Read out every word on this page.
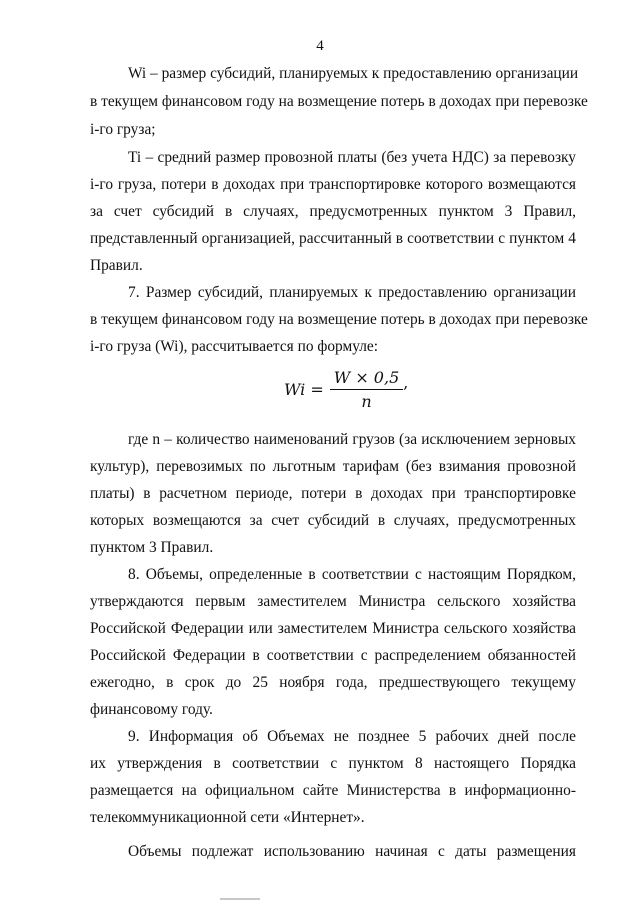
4
Wi – размер субсидий, планируемых к предоставлению организации
в текущем финансовом году на возмещение потерь в доходах при перевозке
i-го груза;
Ti – средний размер провозной платы (без учета НДС) за перевозку
i-го груза, потери в доходах при транспортировке которого возмещаются
за счет субсидий в случаях, предусмотренных пунктом 3 Правил,
представленный организацией, рассчитанный в соответствии с пунктом 4
Правил.
7. Размер субсидий, планируемых к предоставлению организации
в текущем финансовом году на возмещение потерь в доходах при перевозке
i-го груза (Wi), рассчитывается по формуле:
$Wi = \frac{W \times 0,5}{n}$ ,
где n – количество наименований грузов (за исключением зерновых
культур), перевозимых по льготным тарифам (без взимания провозной
платы) в расчетном периоде, потери в доходах при транспортировке
которых возмещаются за счет субсидий в случаях, предусмотренных
пунктом 3 Правил.
8. Объемы, определенные в соответствии с настоящим Порядком,
утверждаются первым заместителем Министра сельского хозяйства
Российской Федерации или заместителем Министра сельского хозяйства
Российской Федерации в соответствии с распределением обязанностей
ежегодно, в срок до 25 ноября года, предшествующего текущему
финансовому году.
9. Информация об Объемах не позднее 5 рабочих дней после
их утверждения в соответствии с пунктом 8 настоящего Порядка
размещается на официальном сайте Министерства в информационно-
телекоммуникационной сети «Интернет».
Объемы подлежат использованию начиная с даты размещения
